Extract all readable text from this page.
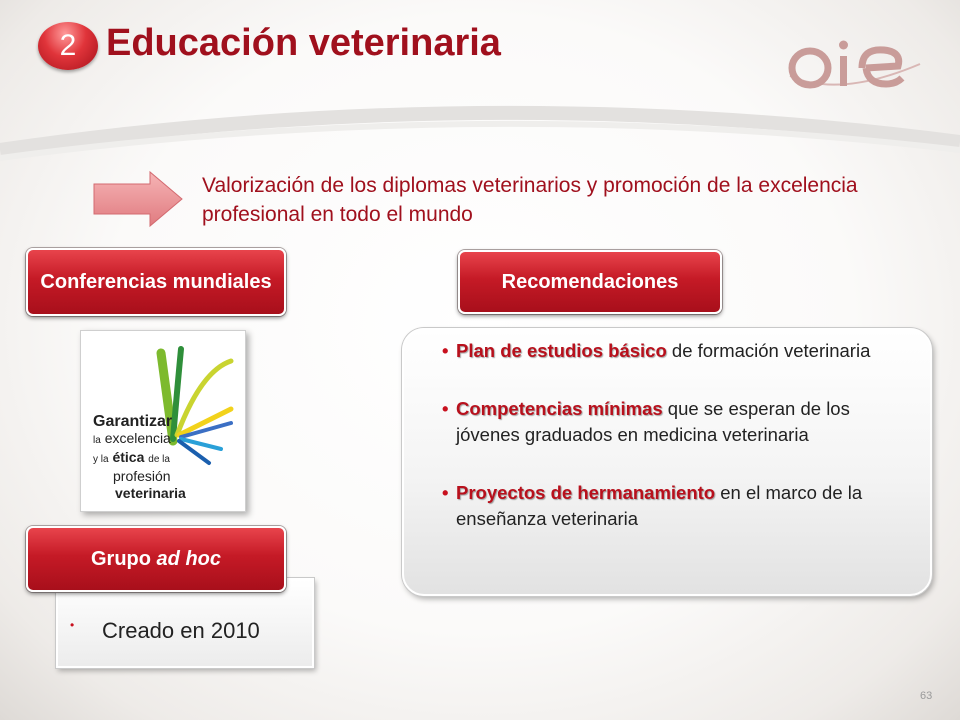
2 Educación veterinaria
OIE
Valorización de los diplomas veterinarios y promoción de la excelencia profesional en todo el mundo
Conferencias mundiales
Garantizar
la excelencia
y la ética de la
profesión
veterinaria
Recomendaciones
• Plan de estudios básico de formación veterinaria
• Competencias mínimas que se esperan de los jóvenes graduados en medicina veterinaria
• Proyectos de hermanamiento en el marco de la enseñanza veterinaria
• Creado en 2010
Grupo ad hoc
63
